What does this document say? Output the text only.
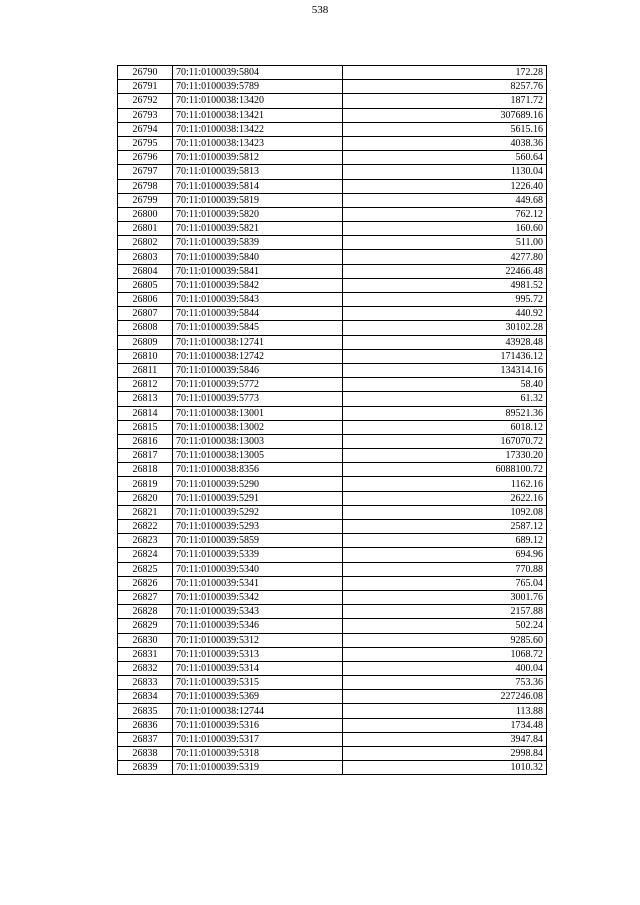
538
26790	70:11:0100039:5804	172.28
26791	70:11:0100039:5789	8257.76
26792	70:11:0100038:13420	1871.72
26793	70:11:0100038:13421	307689.16
26794	70:11:0100038:13422	5615.16
26795	70:11:0100038:13423	4038.36
26796	70:11:0100039:5812	560.64
26797	70:11:0100039:5813	1130.04
26798	70:11:0100039:5814	1226.40
26799	70:11:0100039:5819	449.68
26800	70:11:0100039:5820	762.12
26801	70:11:0100039:5821	160.60
26802	70:11:0100039:5839	511.00
26803	70:11:0100039:5840	4277.80
26804	70:11:0100039:5841	22466.48
26805	70:11:0100039:5842	4981.52
26806	70:11:0100039:5843	995.72
26807	70:11:0100039:5844	440.92
26808	70:11:0100039:5845	30102.28
26809	70:11:0100038:12741	43928.48
26810	70:11:0100038:12742	171436.12
26811	70:11:0100039:5846	134314.16
26812	70:11:0100039:5772	58.40
26813	70:11:0100039:5773	61.32
26814	70:11:0100038:13001	89521.36
26815	70:11:0100038:13002	6018.12
26816	70:11:0100038:13003	167070.72
26817	70:11:0100038:13005	17330.20
26818	70:11:0100038:8356	6088100.72
26819	70:11:0100039:5290	1162.16
26820	70:11:0100039:5291	2622.16
26821	70:11:0100039:5292	1092.08
26822	70:11:0100039:5293	2587.12
26823	70:11:0100039:5859	689.12
26824	70:11:0100039:5339	694.96
26825	70:11:0100039:5340	770.88
26826	70:11:0100039:5341	765.04
26827	70:11:0100039:5342	3001.76
26828	70:11:0100039:5343	2157.88
26829	70:11:0100039:5346	502.24
26830	70:11:0100039:5312	9285.60
26831	70:11:0100039:5313	1068.72
26832	70:11:0100039:5314	400.04
26833	70:11:0100039:5315	753.36
26834	70:11:0100039:5369	227246.08
26835	70:11:0100038:12744	113.88
26836	70:11:0100039:5316	1734.48
26837	70:11:0100039:5317	3947.84
26838	70:11:0100039:5318	2998.84
26839	70:11:0100039:5319	1010.32
